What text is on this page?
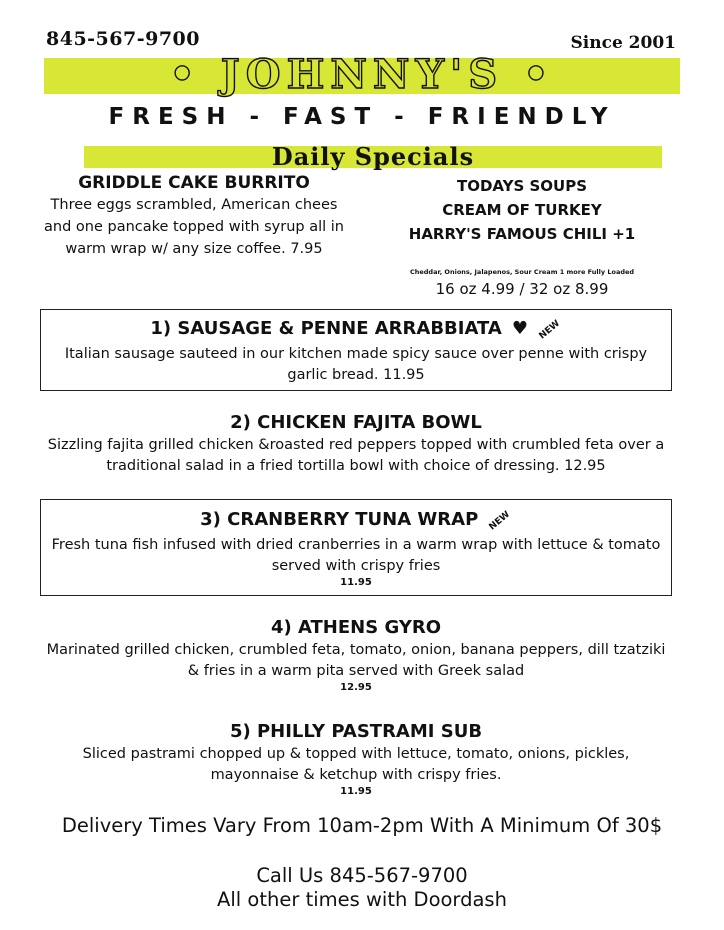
845-567-9700	Since 2001
• JOHNNY'S •
FRESH - FAST - FRIENDLY
Daily Specials
GRIDDLE CAKE BURRITO
Three eggs scrambled, American chees and one pancake topped with syrup all in warm wrap w/ any size coffee. 7.95
TODAYS SOUPS
CREAM OF TURKEY
HARRY'S FAMOUS CHILI +1
Cheddar, Onions, Jalapenos, Sour Cream 1 more Fully Loaded
16 oz 4.99 / 32 oz 8.99
1) SAUSAGE & PENNE ARRABBIATA ♥ NEW
Italian sausage sauteed in our kitchen made spicy sauce over penne with crispy garlic bread. 11.95
2) CHICKEN FAJITA BOWL
Sizzling fajita grilled chicken &roasted red peppers topped with crumbled feta over a traditional salad in a fried tortilla bowl with choice of dressing. 12.95
3) CRANBERRY TUNA WRAP NEW
Fresh tuna fish infused with dried cranberries in a warm wrap with lettuce & tomato served with crispy fries
11.95
4) ATHENS GYRO
Marinated grilled chicken, crumbled feta, tomato, onion, banana peppers, dill tzatziki & fries in a warm pita served with Greek salad
12.95
5) PHILLY PASTRAMI SUB
Sliced pastrami chopped up & topped with lettuce, tomato, onions, pickles, mayonnaise & ketchup with crispy fries.
11.95
Delivery Times Vary From 10am-2pm With A Minimum Of 30$
Call Us 845-567-9700
All other times with Doordash
